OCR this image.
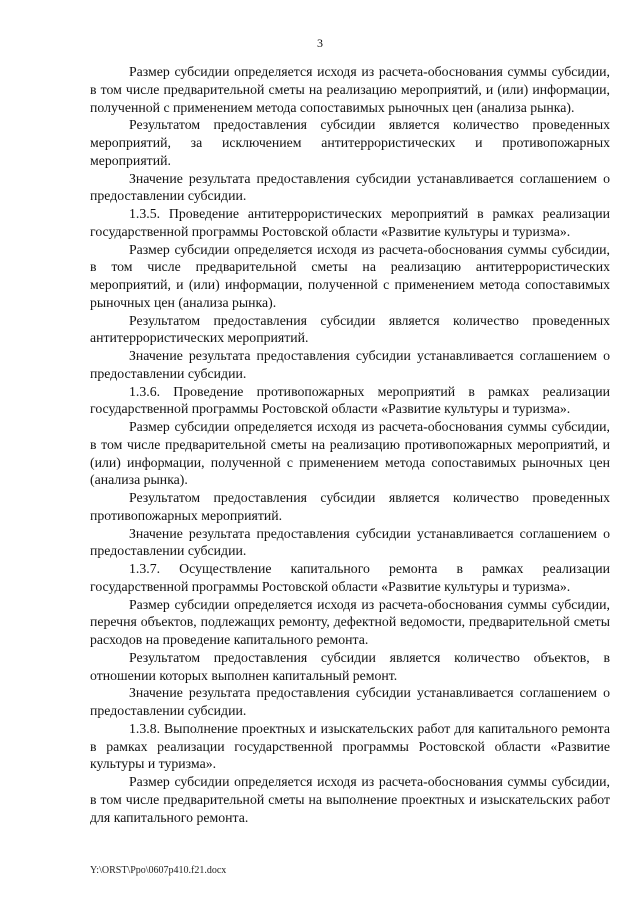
3

Размер субсидии определяется исходя из расчета-обоснования суммы субсидии, в том числе предварительной сметы на реализацию мероприятий, и (или) информации, полученной с применением метода сопоставимых рыночных цен (анализа рынка).

Результатом предоставления субсидии является количество проведенных мероприятий, за исключением антитеррористических и противопожарных мероприятий.

Значение результата предоставления субсидии устанавливается соглашением о предоставлении субсидии.

1.3.5. Проведение антитеррористических мероприятий в рамках реализации государственной программы Ростовской области «Развитие культуры и туризма».

Размер субсидии определяется исходя из расчета-обоснования суммы субсидии, в том числе предварительной сметы на реализацию антитеррористических мероприятий, и (или) информации, полученной с применением метода сопоставимых рыночных цен (анализа рынка).

Результатом предоставления субсидии является количество проведенных антитеррористических мероприятий.

Значение результата предоставления субсидии устанавливается соглашением о предоставлении субсидии.

1.3.6. Проведение противопожарных мероприятий в рамках реализации государственной программы Ростовской области «Развитие культуры и туризма».

Размер субсидии определяется исходя из расчета-обоснования суммы субсидии, в том числе предварительной сметы на реализацию противопожарных мероприятий, и (или) информации, полученной с применением метода сопоставимых рыночных цен (анализа рынка).

Результатом предоставления субсидии является количество проведенных противопожарных мероприятий.

Значение результата предоставления субсидии устанавливается соглашением о предоставлении субсидии.

1.3.7. Осуществление капитального ремонта в рамках реализации государственной программы Ростовской области «Развитие культуры и туризма».

Размер субсидии определяется исходя из расчета-обоснования суммы субсидии, перечня объектов, подлежащих ремонту, дефектной ведомости, предварительной сметы расходов на проведение капитального ремонта.

Результатом предоставления субсидии является количество объектов, в отношении которых выполнен капитальный ремонт.

Значение результата предоставления субсидии устанавливается соглашением о предоставлении субсидии.

1.3.8. Выполнение проектных и изыскательских работ для капитального ремонта в рамках реализации государственной программы Ростовской области «Развитие культуры и туризма».

Размер субсидии определяется исходя из расчета-обоснования суммы субсидии, в том числе предварительной сметы на выполнение проектных и изыскательских работ для капитального ремонта.

Y:\ORST\Ppo\0607p410.f21.docx
